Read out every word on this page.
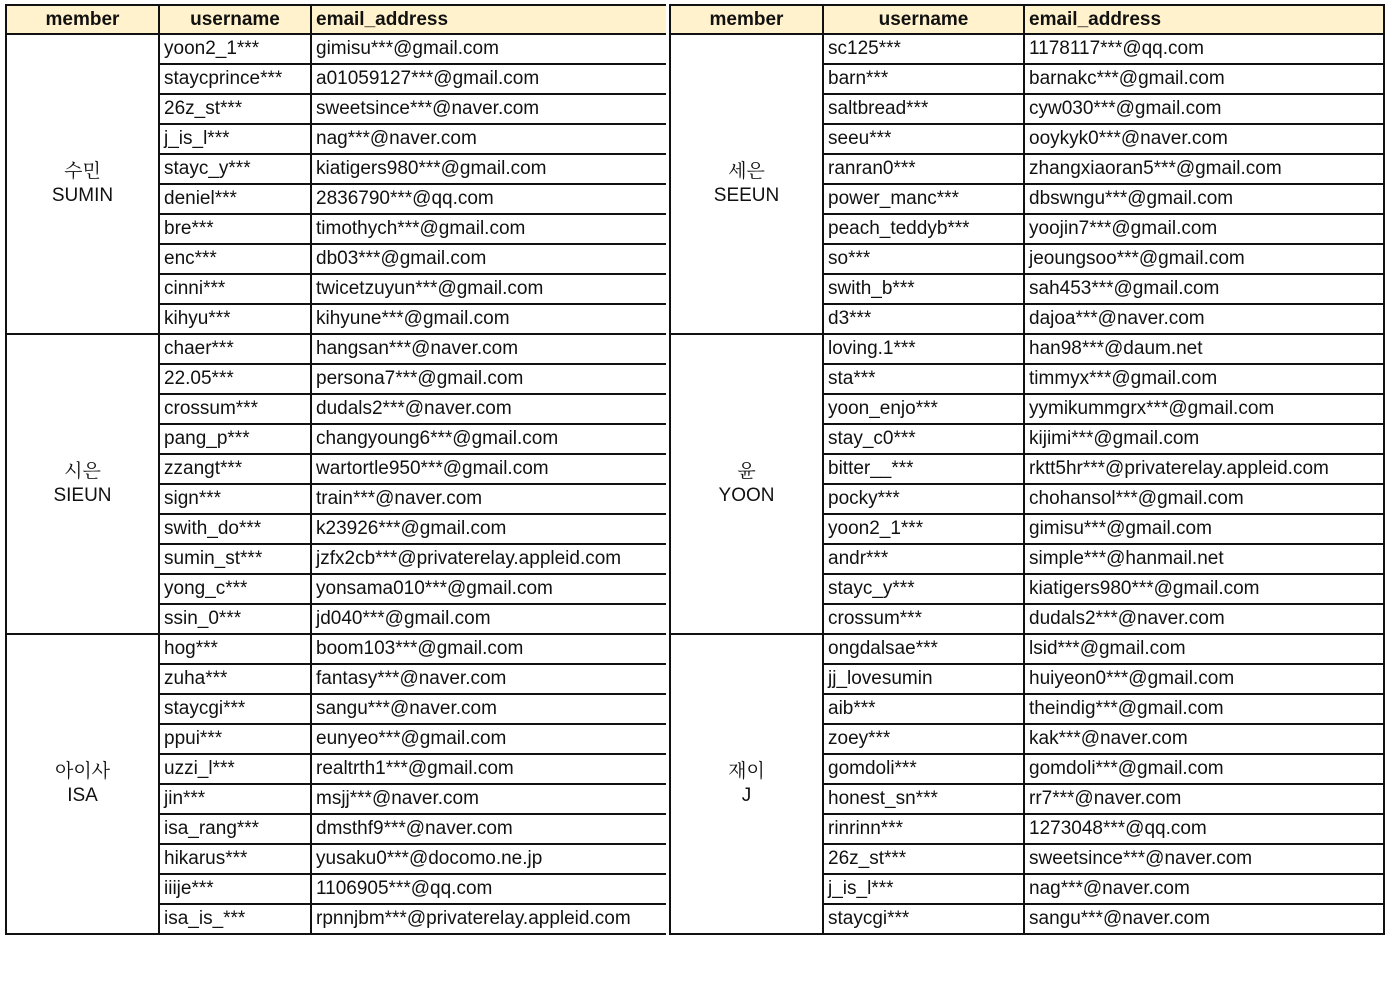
member	username	email_address

수민
SUMIN	yoon2_1***	gimisu***@gmail.com
	staycprince***	a01059127***@gmail.com
	26z_st***	sweetsince***@naver.com
	j_is_l***	nag***@naver.com
	stayc_y***	kiatigers980***@gmail.com
	deniel***	2836790***@qq.com
	bre***	timothych***@gmail.com
	enc***	db03***@gmail.com
	cinni***	twicetzuyun***@gmail.com
	kihyu***	kihyune***@gmail.com

시은
SIEUN	chaer***	hangsan***@naver.com
	22.05***	persona7***@gmail.com
	crossum***	dudals2***@naver.com
	pang_p***	changyoung6***@gmail.com
	zzangt***	wartortle950***@gmail.com
	sign***	train***@naver.com
	swith_do***	k23926***@gmail.com
	sumin_st***	jzfx2cb***@privaterelay.appleid.com
	yong_c***	yonsama010***@gmail.com
	ssin_0***	jd040***@gmail.com

아이사
ISA	hog***	boom103***@gmail.com
	zuha***	fantasy***@naver.com
	staycgi***	sangu***@naver.com
	ppui***	eunyeo***@gmail.com
	uzzi_l***	realtrth1***@gmail.com
	jin***	msjj***@naver.com
	isa_rang***	dmsthf9***@naver.com
	hikarus***	yusaku0***@docomo.ne.jp
	iiije***	1106905***@qq.com
	isa_is_***	rpnnjbm***@privaterelay.appleid.com
member	username	email_address

세은
SEEUN	sc125***	1178117***@qq.com
	barn***	barnakc***@gmail.com
	saltbread***	cyw030***@gmail.com
	seeu***	ooykyk0***@naver.com
	ranran0***	zhangxiaoran5***@gmail.com
	power_manc***	dbswngu***@gmail.com
	peach_teddyb***	yoojin7***@gmail.com
	so***	jeoungsoo***@gmail.com
	swith_b***	sah453***@gmail.com
	d3***	dajoa***@naver.com

윤
YOON	loving.1***	han98***@daum.net
	sta***	timmyx***@gmail.com
	yoon_enjo***	yymikummgrx***@gmail.com
	stay_c0***	kijimi***@gmail.com
	bitter__***	rktt5hr***@privaterelay.appleid.com
	pocky***	chohansol***@gmail.com
	yoon2_1***	gimisu***@gmail.com
	andr***	simple***@hanmail.net
	stayc_y***	kiatigers980***@gmail.com
	crossum***	dudals2***@naver.com

재이
J	ongdalsae***	lsid***@gmail.com
	jj_lovesumin	huiyeon0***@gmail.com
	aib***	theindig***@gmail.com
	zoey***	kak***@naver.com
	gomdoli***	gomdoli***@gmail.com
	honest_sn***	rr7***@naver.com
	rinrinn***	1273048***@qq.com
	26z_st***	sweetsince***@naver.com
	j_is_l***	nag***@naver.com
	staycgi***	sangu***@naver.com
